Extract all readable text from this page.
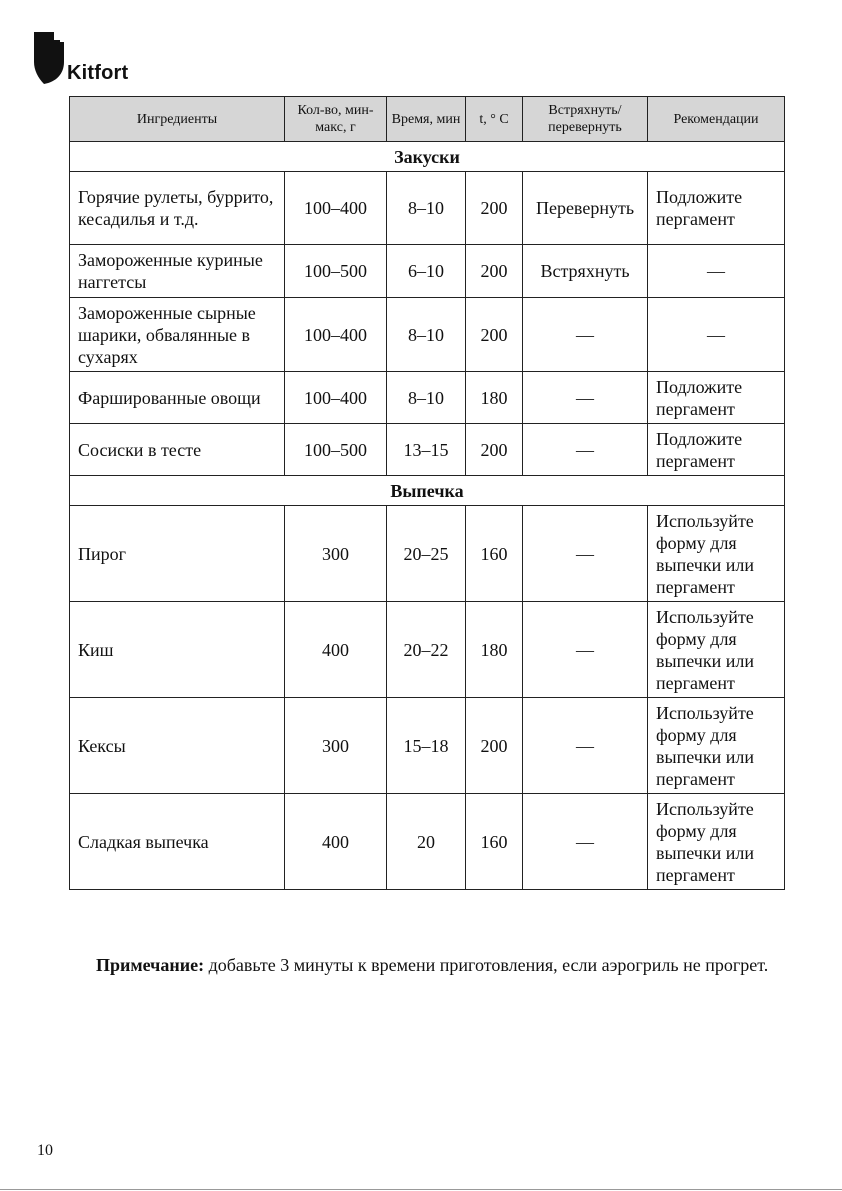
Kitfort
Ингредиенты	Кол-во, мин-макс, г	Время, мин	t, ° C	Встряхнуть/ перевернуть	Рекомендации
Закуски					
Горячие рулеты, буррито, кесадилья и т.д.	100–400	8–10	200	Перевернуть	Подложите пергамент
Замороженные куриные наггетсы	100–500	6–10	200	Встряхнуть	—
Замороженные сырные шарики, обвалянные в сухарях	100–400	8–10	200	—	—
Фаршированные овощи	100–400	8–10	180	—	Подложите пергамент
Сосиски в тесте	100–500	13–15	200	—	Подложите пергамент
Выпечка					
Пирог	300	20–25	160	—	Используйте форму для выпечки или пергамент
Киш	400	20–22	180	—	Используйте форму для выпечки или пергамент
Кексы	300	15–18	200	—	Используйте форму для выпечки или пергамент
Сладкая выпечка	400	20	160	—	Используйте форму для выпечки или пергамент

Примечание: добавьте 3 минуты к времени приготовления, если аэрогриль не прогрет.

10
